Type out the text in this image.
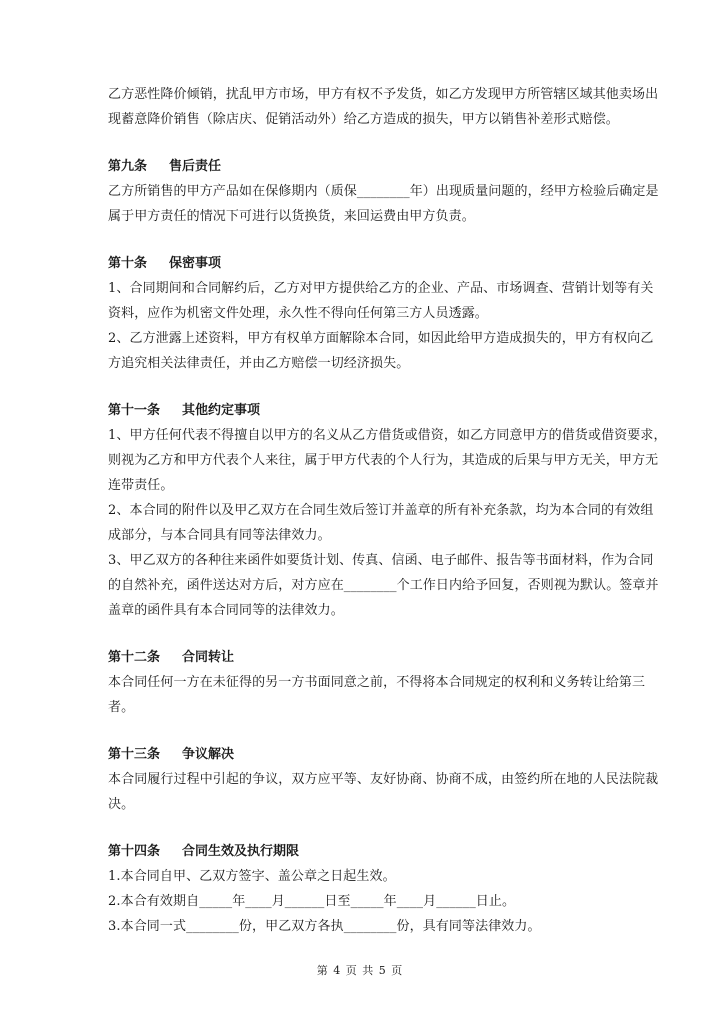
乙方恶性降价倾销，扰乱甲方市场，甲方有权不予发货，如乙方发现甲方所管辖区域其他卖场出
现蓄意降价销售（除店庆、促销活动外）给乙方造成的损失，甲方以销售补差形式赔偿。
第九条 售后责任
乙方所销售的甲方产品如在保修期内（质保________年）出现质量问题的，经甲方检验后确定是
属于甲方责任的情况下可进行以货换货，来回运费由甲方负责。
第十条 保密事项
1、合同期间和合同解约后，乙方对甲方提供给乙方的企业、产品、市场调查、营销计划等有关
资料，应作为机密文件处理，永久性不得向任何第三方人员透露。
2、乙方泄露上述资料，甲方有权单方面解除本合同，如因此给甲方造成损失的，甲方有权向乙
方追究相关法律责任，并由乙方赔偿一切经济损失。
第十一条 其他约定事项
1、甲方任何代表不得擅自以甲方的名义从乙方借货或借资，如乙方同意甲方的借货或借资要求，
则视为乙方和甲方代表个人来往，属于甲方代表的个人行为，其造成的后果与甲方无关，甲方无
连带责任。
2、本合同的附件以及甲乙双方在合同生效后签订并盖章的所有补充条款，均为本合同的有效组
成部分，与本合同具有同等法律效力。
3、甲乙双方的各种往来函件如要货计划、传真、信函、电子邮件、报告等书面材料，作为合同
的自然补充，函件送达对方后，对方应在________个工作日内给予回复，否则视为默认。签章并
盖章的函件具有本合同同等的法律效力。
第十二条 合同转让
本合同任何一方在未征得的另一方书面同意之前，不得将本合同规定的权利和义务转让给第三
者。
第十三条 争议解决
本合同履行过程中引起的争议，双方应平等、友好协商、协商不成，由签约所在地的人民法院裁
决。
第十四条 合同生效及执行期限
1.本合同自甲、乙双方签字、盖公章之日起生效。
2.本合有效期自_____年____月______日至_____年____月______日止。
3.本合同一式________份，甲乙双方各执________份，具有同等法律效力。
第 4 页 共 5 页
